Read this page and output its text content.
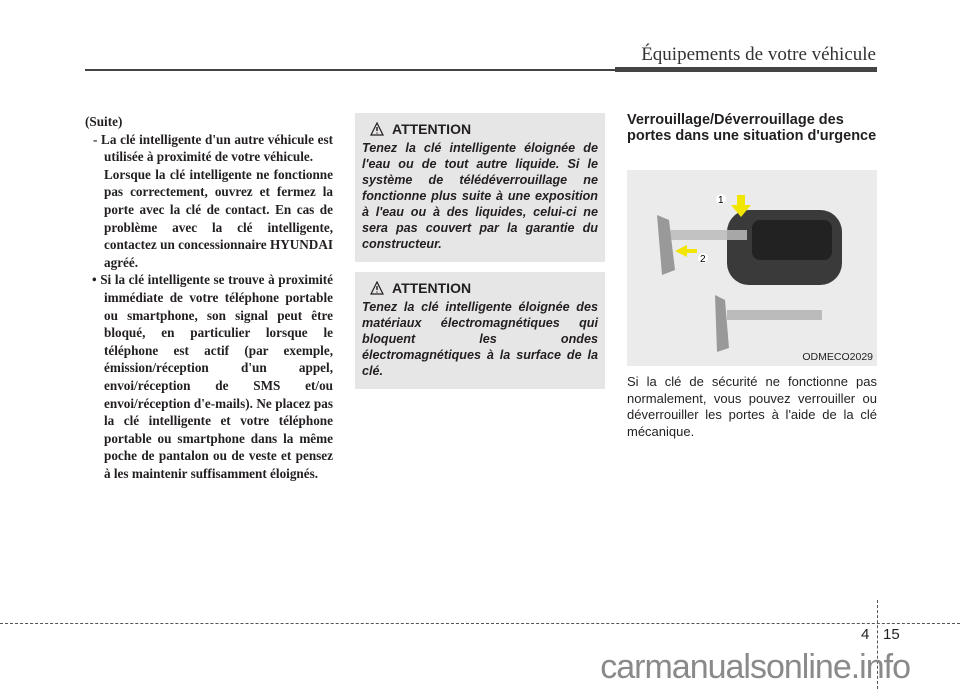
Équipements de votre véhicule

(Suite)

- La clé intelligente d'un autre véhicule est utilisée à proximité de votre véhicule.

Lorsque la clé intelligente ne fonctionne pas correctement, ouvrez et fermez la porte avec la clé de contact. En cas de problème avec la clé intelligente, contactez un concessionnaire HYUNDAI agréé.

• Si la clé intelligente se trouve à proximité immédiate de votre téléphone portable ou smartphone, son signal peut être bloqué, en particulier lorsque le téléphone est actif (par exemple, émission/réception d'un appel, envoi/réception de SMS et/ou envoi/réception d'e-mails). Ne placez pas la clé intelligente et votre téléphone portable ou smartphone dans la même poche de pantalon ou de veste et pensez à les maintenir suffisamment éloignés.

ATTENTION

Tenez la clé intelligente éloignée de l'eau ou de tout autre liquide. Si le système de télédéverrouillage ne fonctionne plus suite à une exposition à l'eau ou à des liquides, celui-ci ne sera pas couvert par la garantie du constructeur.

ATTENTION

Tenez la clé intelligente éloignée des matériaux électromagnétiques qui bloquent les ondes électromagnétiques à la surface de la clé.

Verrouillage/Déverrouillage des portes dans une situation d'urgence
1
2
ODMECO2029
Si la clé de sécurité ne fonctionne pas normalement, vous pouvez verrouiller ou déverrouiller les portes à l'aide de la clé mécanique.
4 15
carmanualsonline.info
